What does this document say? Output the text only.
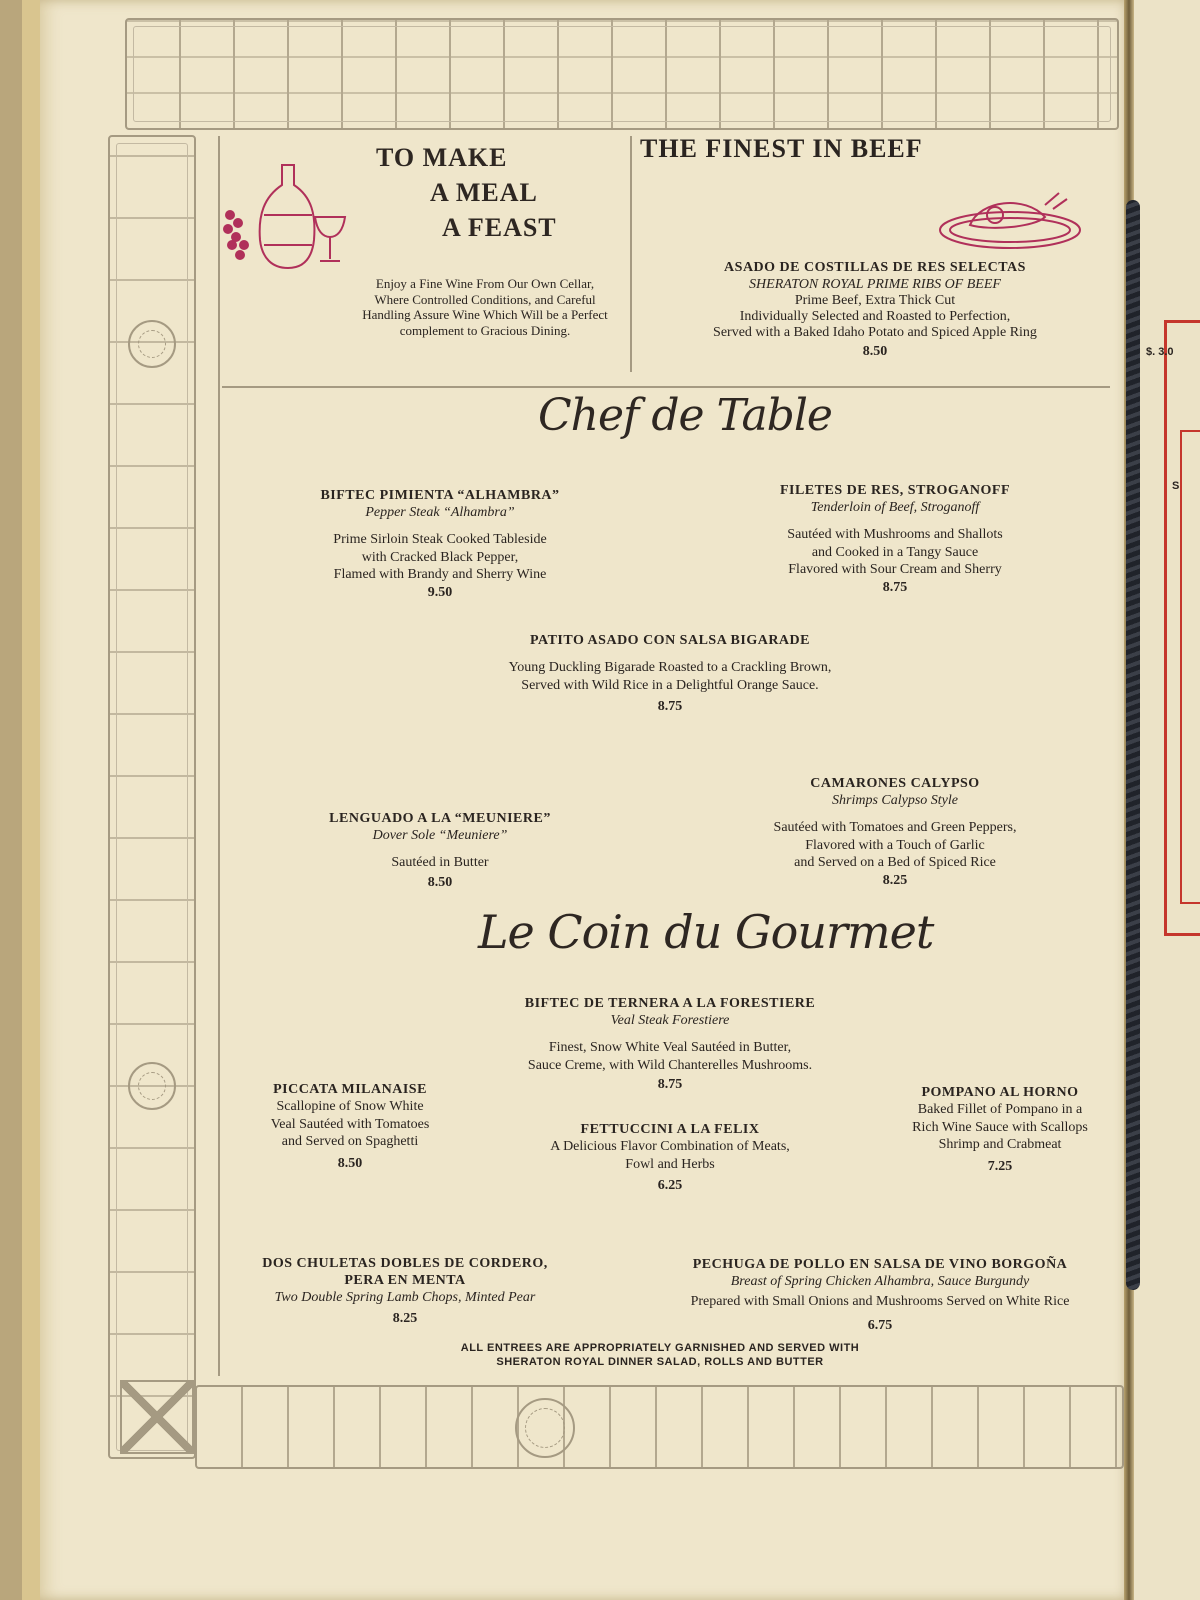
$. 3.0
S
TO MAKE
A MEAL
A FEAST
Enjoy a Fine Wine From Our Own Cellar, Where Controlled Conditions, and Careful Handling Assure Wine Which Will be a Perfect complement to Gracious Dining.
THE FINEST IN BEEF
ASADO DE COSTILLAS DE RES SELECTAS
SHERATON ROYAL PRIME RIBS OF BEEF
Prime Beef, Extra Thick Cut
Individually Selected and Roasted to Perfection,
Served with a Baked Idaho Potato and Spiced Apple Ring
8.50
Chef de Table
BIFTEC PIMIENTA “ALHAMBRA”
Pepper Steak “Alhambra”
Prime Sirloin Steak Cooked Tableside
with Cracked Black Pepper,
Flamed with Brandy and Sherry Wine
9.50
FILETES DE RES, STROGANOFF
Tenderloin of Beef, Stroganoff
Sautéed with Mushrooms and Shallots
and Cooked in a Tangy Sauce
Flavored with Sour Cream and Sherry
8.75
PATITO ASADO CON SALSA BIGARADE
Young Duckling Bigarade Roasted to a Crackling Brown,
Served with Wild Rice in a Delightful Orange Sauce.
8.75
CAMARONES CALYPSO
Shrimps Calypso Style
Sautéed with Tomatoes and Green Peppers,
Flavored with a Touch of Garlic
and Served on a Bed of Spiced Rice
8.25
LENGUADO A LA “MEUNIERE”
Dover Sole “Meuniere”
Sautéed in Butter
8.50
Le Coin du Gourmet
BIFTEC DE TERNERA A LA FORESTIERE
Veal Steak Forestiere
Finest, Snow White Veal Sautéed in Butter,
Sauce Creme, with Wild Chanterelles Mushrooms.
8.75
PICCATA MILANAISE
Scallopine of Snow White
Veal Sautéed with Tomatoes
and Served on Spaghetti
8.50
FETTUCCINI A LA FELIX
A Delicious Flavor Combination of Meats,
Fowl and Herbs
6.25
POMPANO AL HORNO
Baked Fillet of Pompano in a
Rich Wine Sauce with Scallops
Shrimp and Crabmeat
7.25
DOS CHULETAS DOBLES DE CORDERO,
PERA EN MENTA
Two Double Spring Lamb Chops, Minted Pear
8.25
PECHUGA DE POLLO EN SALSA DE VINO BORGOÑA
Breast of Spring Chicken Alhambra, Sauce Burgundy
Prepared with Small Onions and Mushrooms Served on White Rice
6.75
ALL ENTREES ARE APPROPRIATELY GARNISHED AND SERVED WITH
SHERATON ROYAL DINNER SALAD, ROLLS AND BUTTER
